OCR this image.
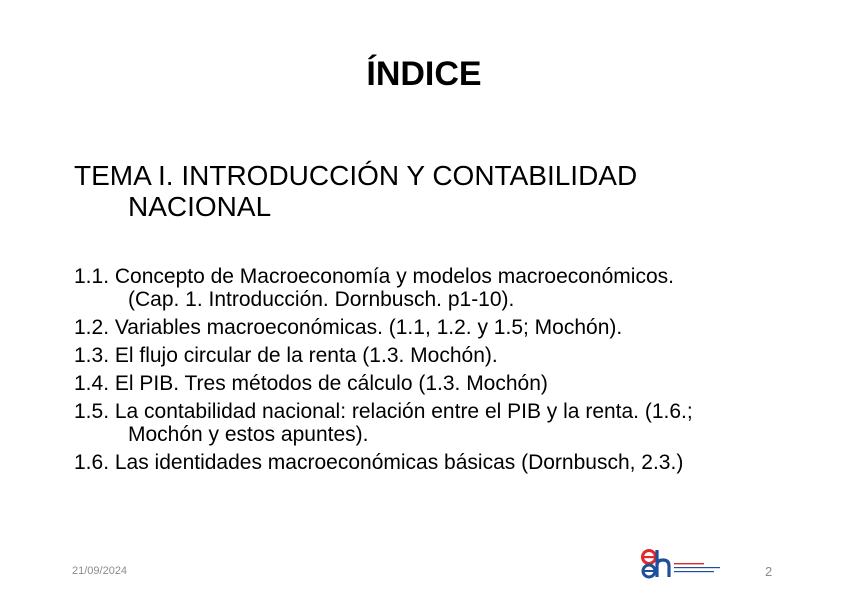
ÍNDICE
TEMA I. INTRODUCCIÓN Y CONTABILIDAD
NACIONAL
1.1. Concepto de Macroeconomía y modelos macroeconómicos.
(Cap. 1. Introducción. Dornbusch. p1-10).
1.2. Variables macroeconómicas. (1.1, 1.2. y 1.5; Mochón).
1.3. El flujo circular de la renta (1.3. Mochón).
1.4. El PIB. Tres métodos de cálculo (1.3. Mochón)
1.5. La contabilidad nacional: relación entre el PIB y la renta. (1.6.;
Mochón y estos apuntes).
1.6. Las identidades macroeconómicas básicas (Dornbusch, 2.3.)
21/09/2024	2
